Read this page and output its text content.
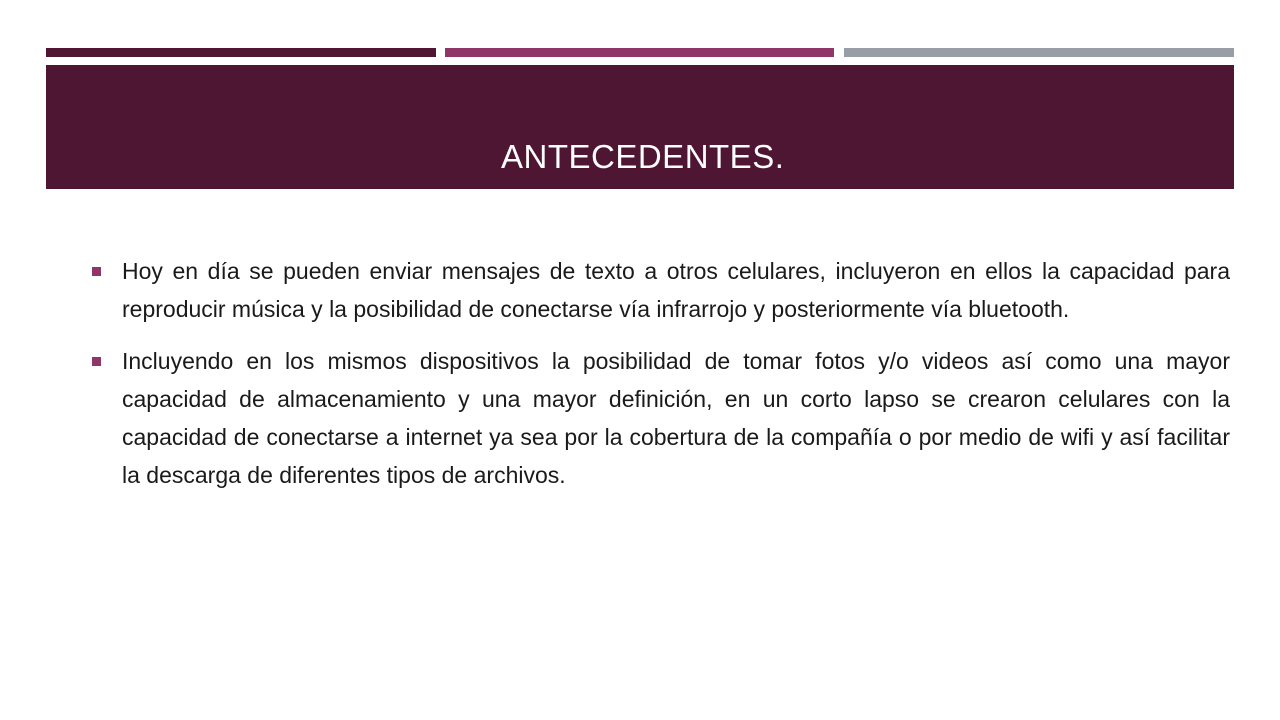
ANTECEDENTES.

Hoy en día se pueden enviar mensajes de texto a otros celulares, incluyeron en ellos la capacidad para reproducir música y la posibilidad de conectarse vía infrarrojo y posteriormente vía bluetooth.

Incluyendo en los mismos dispositivos la posibilidad de tomar fotos y/o videos así como una mayor capacidad de almacenamiento y una mayor definición, en un corto lapso se crearon celulares con la capacidad de conectarse a internet ya sea por la cobertura de la compañía o por medio de wifi y así facilitar la descarga de diferentes tipos de archivos.
